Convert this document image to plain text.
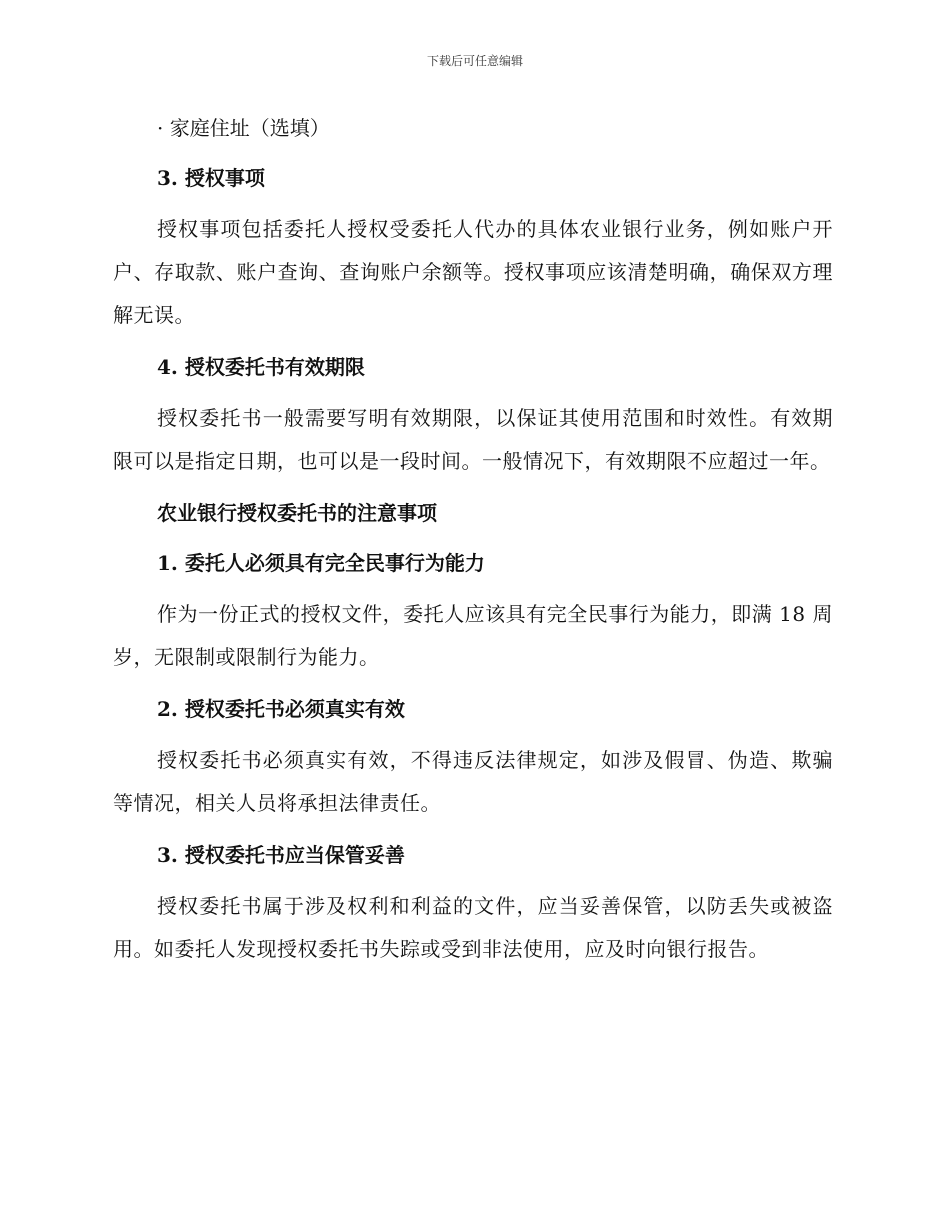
下载后可任意编辑

· 家庭住址（选填）

3. 授权事项

授权事项包括委托人授权受委托人代办的具体农业银行业务，例如账户开户、存取款、账户查询、查询账户余额等。授权事项应该清楚明确，确保双方理解无误。

4. 授权委托书有效期限

授权委托书一般需要写明有效期限，以保证其使用范围和时效性。有效期限可以是指定日期，也可以是一段时间。一般情况下，有效期限不应超过一年。

农业银行授权委托书的注意事项

1. 委托人必须具有完全民事行为能力

作为一份正式的授权文件，委托人应该具有完全民事行为能力，即满 18 周岁，无限制或限制行为能力。

2. 授权委托书必须真实有效

授权委托书必须真实有效，不得违反法律规定，如涉及假冒、伪造、欺骗等情况，相关人员将承担法律责任。

3. 授权委托书应当保管妥善

授权委托书属于涉及权利和利益的文件，应当妥善保管，以防丢失或被盗用。如委托人发现授权委托书失踪或受到非法使用，应及时向银行报告。
